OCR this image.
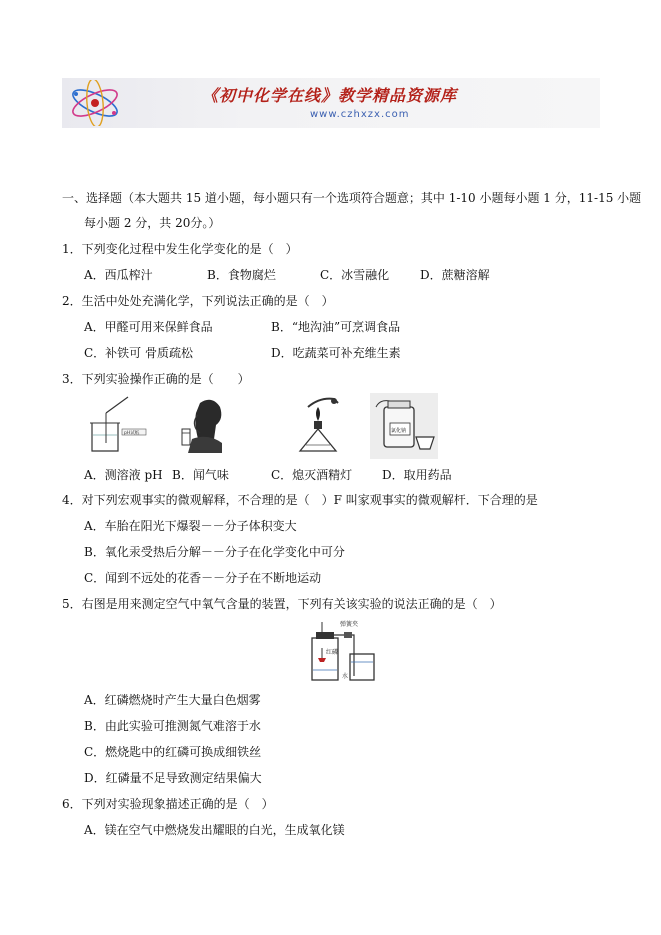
《初中化学在线》教学精品资源库
www.czhxzx.com
一、选择题（本大题共 15 道小题，每小题只有一个选项符合题意；其中 1-10 小题每小题 1 分，11-15 小题
每小题 2 分，共 20分。）
1．下列变化过程中发生化学变化的是（　）
A．西瓜榨汁	B．食物腐烂	C．冰雪融化	D．蔗糖溶解
2．生活中处处充满化学，下列说法正确的是（　）
A．甲醛可用来保鲜食品	B．“地沟油”可烹调食品
C．补铁可 骨质疏松	D．吃蔬菜可补充维生素
3．下列实验操作正确的是（　　）
pH试纸	氯化钠
A．测溶液 pH B．闻气味	C．熄灭酒精灯 D．取用药品
4．对下列宏观事实的微观解释，不合理的是（　）F 叫家观事实的微观解杆．下合理的是
A．车胎在阳光下爆裂－－分子体积变大
B．氧化汞受热后分解－－分子在化学变化中可分
C．闻到不远处的花香－－分子在不断地运动
5．右图是用来测定空气中氧气含量的装置，下列有关该实验的说法正确的是（　）
弹簧夹
红磷
水
A．红磷燃烧时产生大量白色烟雾
B．由此实验可推测氮气难溶于水
C．燃烧匙中的红磷可换成细铁丝
D．红磷量不足导致测定结果偏大
6．下列对实验现象描述正确的是（　）
A．镁在空气中燃烧发出耀眼的白光，生成氧化镁
